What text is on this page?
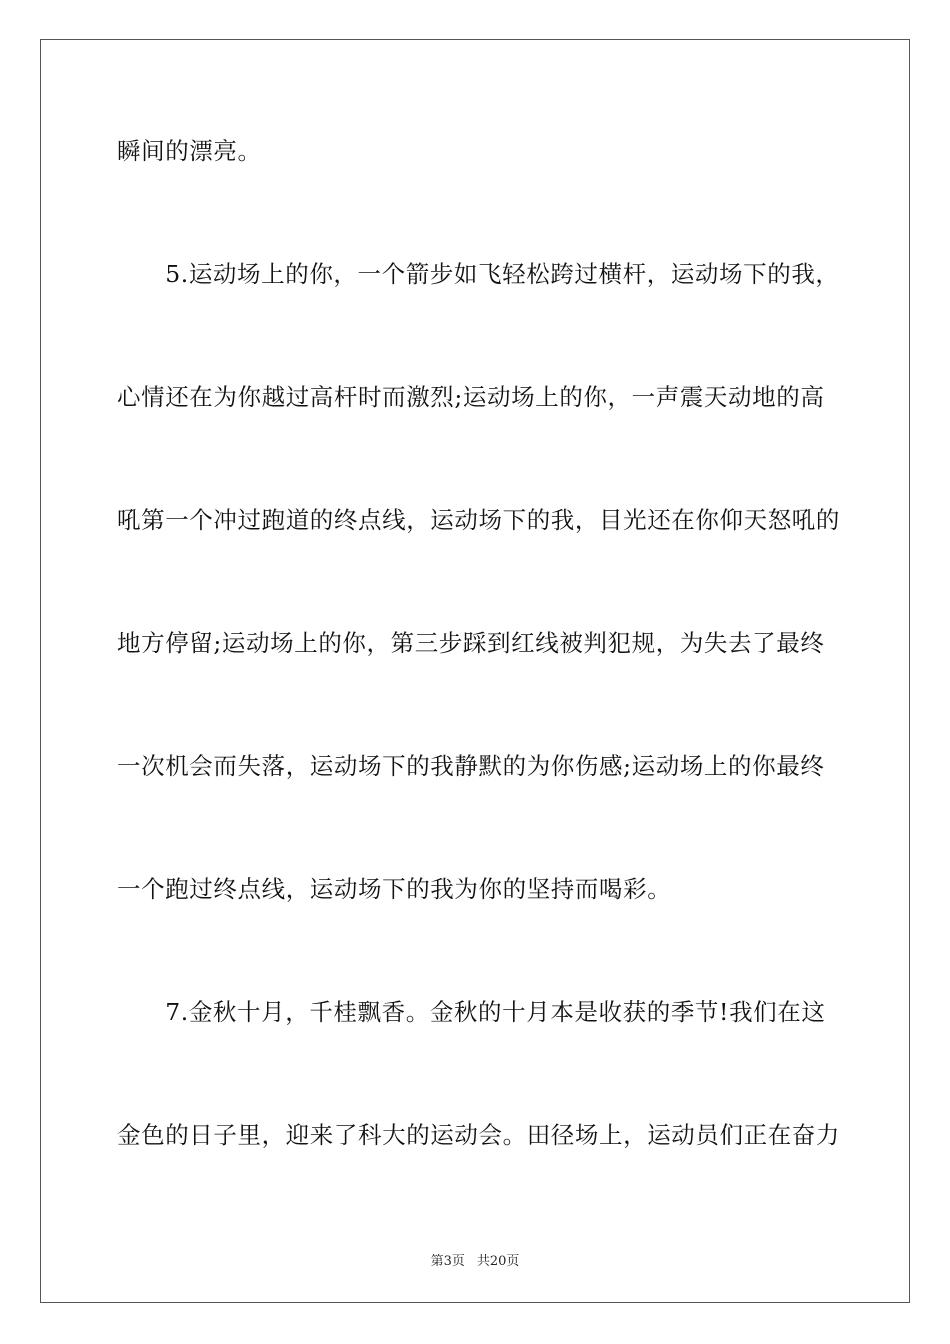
瞬间的漂亮。
　　5.运动场上的你，一个箭步如飞轻松跨过横杆，运动场下的我，
心情还在为你越过高杆时而激烈;运动场上的你，一声震天动地的高
吼第一个冲过跑道的终点线，运动场下的我，目光还在你仰天怒吼的
地方停留;运动场上的你，第三步踩到红线被判犯规，为失去了最终
一次机会而失落，运动场下的我静默的为你伤感;运动场上的你最终
一个跑过终点线，运动场下的我为你的坚持而喝彩。
　　7.金秋十月，千桂飘香。金秋的十月本是收获的季节!我们在这
金色的日子里，迎来了科大的运动会。田径场上，运动员们正在奋力
第3页 共20页
